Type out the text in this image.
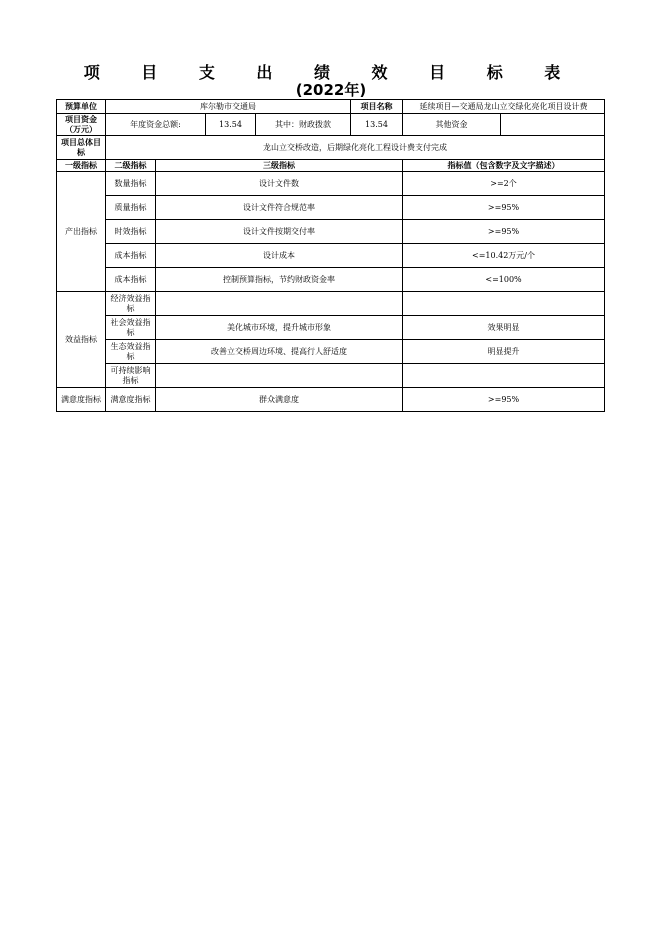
项 目 支 出 绩 效 目 标 表
(2022年)
预算单位	库尔勒市交通局				项目名称	延续项目—交通局龙山立交绿化亮化项目设计费	
项目资金（万元）	年度资金总额:		13.54	其中：财政拨款	13.54	其他资金	
项目总体目标	龙山立交桥改造，后期绿化亮化工程设计费支付完成						
一级指标	二级指标	三级指标				指标值（包含数字及文字描述）	
产出指标	数量指标	设计文件数				>=2个	
	质量指标	设计文件符合规范率				>=95%	
	时效指标	设计文件按期交付率				>=95%	
	成本指标	设计成本				<=10.42万元/个	
	成本指标	控制预算指标，节约财政资金率				<=100%	
效益指标	经济效益指标						
	社会效益指标	美化城市环境，提升城市形象				效果明显	
	生态效益指标	改善立交桥周边环境、提高行人舒适度				明显提升	
	可持续影响指标						
满意度指标	满意度指标	群众满意度				>=95%	
